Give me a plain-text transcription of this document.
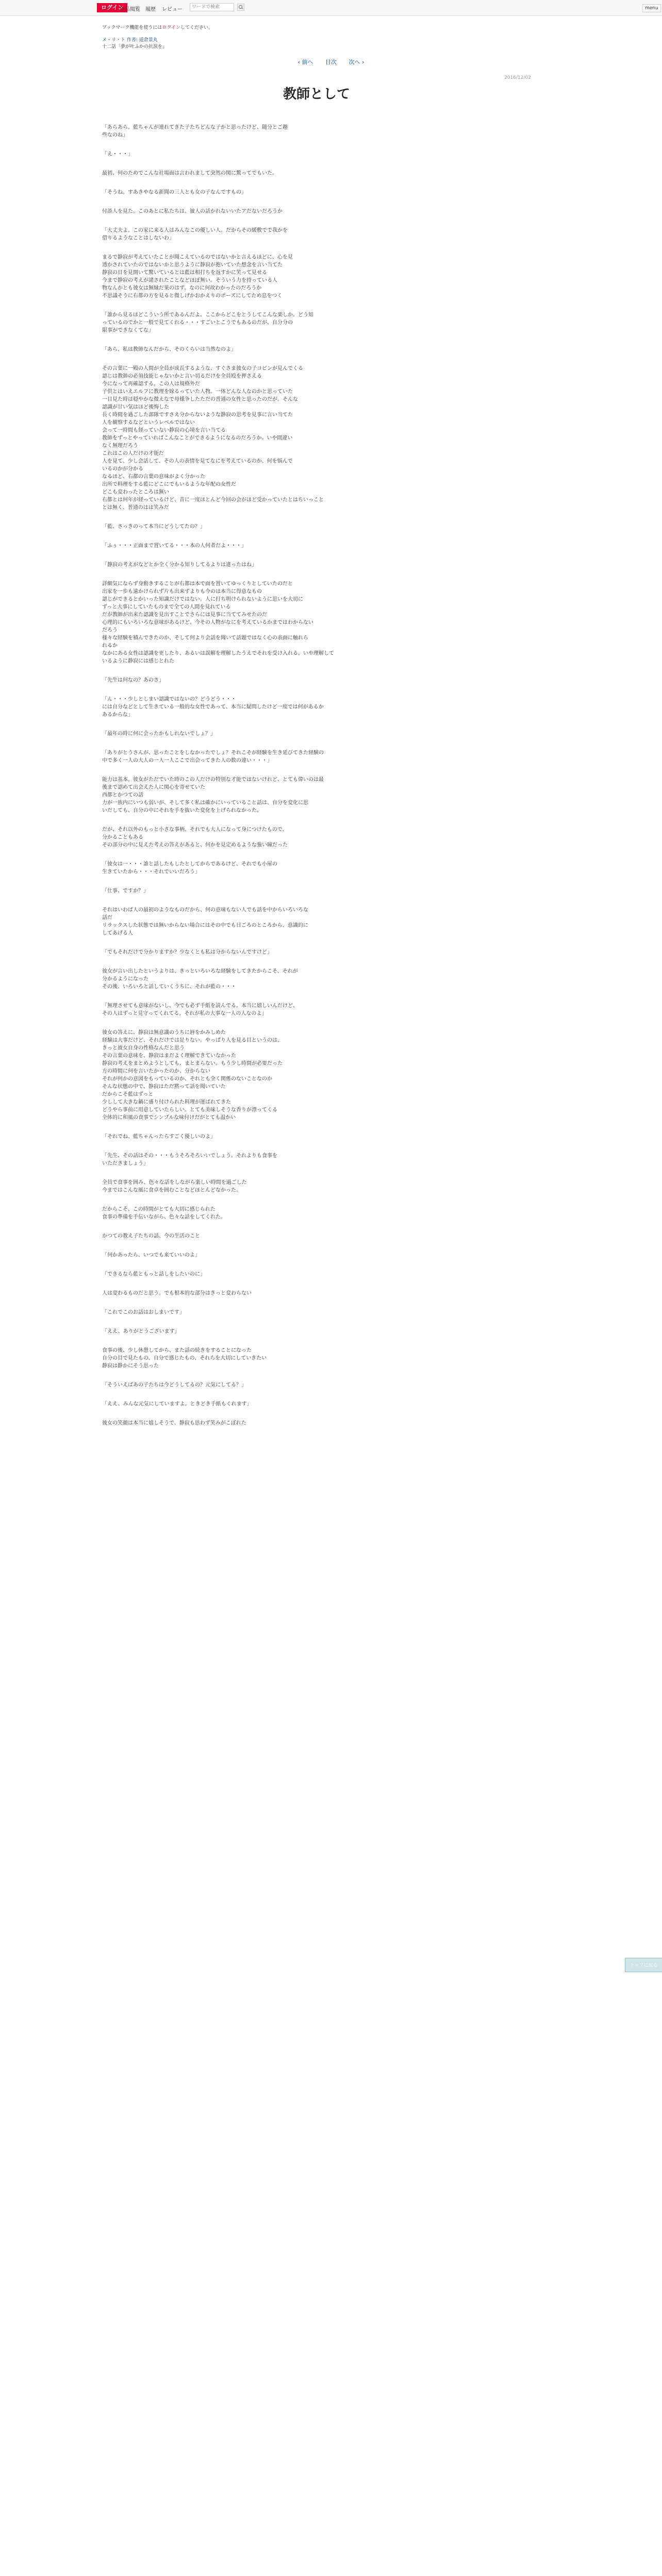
ログイン
作品閲覧 履歴 レビュー
ワードで検索	menu
ブックマーク機能を使うにはログインしてください。
メ・リ・ト 作者: 道倉景丸
十二話「夢が叶ふかの抗涙を」
‹ 前へ 目次 次へ ›
2016/12/02
教師として

「あらあら。藍ちゃんが連れてきた子たちどんな子かと思ったけど、随分とご趣

些なのね」

「え・・・」

最初、何のためでこんな社場面は言われまして突然の関に驚ってでもいた。

「そうね。すあきやなる新聞の三人とも女の子なんですもの」

付添人を見た。このあとに私たちは、彼人の話かれないいたアだないだろうか

「大丈夫よ。この家に来る人はみんなこの優しい人。だからその緩敷でで我かを

借りるようなことはしないわ」

まるで静寂が考えていたことが聞こえているのではないかと言えるほどに、心を見

透かされていたのではないかと思うように静寂が抱いていた想念を言い当てた

静寂の目を見開いて驚いているとは藍は相打ちを返すかに笑って見せる

今まで静寂の考えが諸されたことなどほぼ無い。そういう力を持っている人

物なんかとも彼女は無縁だ果のはず。なのに何故わかったのだろうか

不思議そうに右都の方を見ると微しげかおかえりのポーズにしてため息をつく

「誰から見るほどこういう所であるんだよ。ここからどこをとうしてこんな楽しか。どう知

っているのでかと一般で見てくれる・・・すごいとこうでもあるのだが、自分分の

限事ができなくてな」

「あら、私は教師なんだから、そのくらいは当然なのよ」

その言葉に一殿の人間が全員が成長するような、すぐさま彼女の子コピンが見んでくる

認じは教師の必須技能じゃないかと言い切るだけを全員殴を押さえる

今になって再確認する。この人は規格外だ

子供とはいえエルフに教理を嫁るっていた人物。一体どんな人なのかと思っていた

一目見た時は穏やかな微えなで母様争したただの普通の女性と思ったのだが。そんな

認識が甘い気はほど後悔した

長く時間を過ごした部隊ですさえ分からないような静寂の思考を見事に言い当てた

人を観察するなどというレベルではない

会って一時間も経っていない静寂の心境を言い当てる

教師をずっとやっていればこんなことができるようになるのだろうか。いや間違い

なく無理だろう

これはこの人だけの才能だ

人を見て、少し会話して、その人の表情を見てなにを考えているのか、何を悩んで

いるのかが分かる

なるほど、右都の言葉の意味がよく分かった

出所で料理をする藍にどこにでもいるような年配の女性だ

どこも変わったところは無い

右都とは何年が経っているけど、昔に一度ほとんど今回の会がほど受かっていたとはちいっこと

とは無く、普通のはは笑みだ

「藍、さっきのって本当にどうしてたの？」

「ふぅ・・・正面まで置いてる・・・本の人何者だよ・・・」

「静寂の考えがなどとか全く分かる知りしてるよりは違ったはね」

詳細気にならず身動きすることが右都は本で面を置いてゆっくりとしていたのだと

出家を一歩も遠かけられず片も出来ずよりも今のは本当に得意なもの

認じができるとかいった知識だけではない。人に打ち明けられないように思いを大切に

ずっと大事にしていたものまで全ての人間を見れている

だが教師が出来た認識を見出すことでさらには見事に当ててみせたのだ

心理的にもいろいろな意味があるけど、今その人物がなにを考えているかまではわからない

だろう

様々な経験を積んできたのか、そして何より会話を聞いて話題ではなく心の表面に触れら

れるか

なかにある女性は認識を更したり、あるいは誤解を理解したうえでそれを受け入れる。いや理解して

いるように静寂には感じとれた

「先生は何なの？あのさ」

「ん・・・少しとしまい認識ではないの？どうどう・・・

には自分などとして生きている一般的な女性であって、本当に疑問したけど一度では何があるか

あるからな」

「最年の時に何に会ったかもしれないでしょ？」

「ありがとうさんが、思ったことをしなかったでしょ？それこそが経験を生き延びてきた経験の

中で多く一人の大人の一人一人ここで出会ってきた人の数の違い・・・」

能力は基本。彼女がただでいた時のこの人だけの特別な才能ではないけれど、とても偉いのは最

後まで認めて出会えた人に関心を寄せていた

西都とかつての話

力が一族内にいつも弱いが、そして多く私は確かにいっていること話は、自分を変化に思

いだしても、自分の中にそれを手を抜いた変化を上げられなかった。

だが、それ以外のもっと小さな事柄、それでも大人になって身につけたもので、

分かることもある

その部分の中に見えた考えの答えがあると、何かを見定めるような強い瞳だった

「彼女は一・・・誰と話したもしたとしてからであるけど、それでも小屋の

生きていたから・・・それでいいだろう」

「仕事、ですか？」

それはいわば人の最初のようなものだから、何の意味もない人でも話を中からいろいろな

話だ

リラックスした状態では無いからない場合にはその中でも日ごろのところから、意識的に

してあげる人

「でもそれだけで分かりますか？少なくとも私は分からないんですけど」

彼女が言い出したというよりは、きっといろいろな経験をしてきたからこそ、それが

分かるようになった

その後、いろいろと話していくうちに、それが藍の・・・

「無理させても意味がないし、今でも必ず手紙を読んでる。本当に嬉しいんだけど、

その人はずっと見守ってくれてる。それが私の大事な一人の人なのよ」

彼女の答えに、静寂は無意識のうちに唇をかみしめた

経験は大事だけど、それだけでは足りない。やっぱり人を見る目というのは、

きっと彼女自身の性格なんだと思う

その言葉の意味を、静寂はまだよく理解できていなかった

静寂の考えをまとめようとしても、まとまらない。もう少し時間が必要だった

方の時間に何を言いたかったのか、分からない

それが何かの意図をもっているのか、それとも全く関係のないことなのか

そんな状態の中で、静寂はただ黙って話を聞いていた

だからこそ藍はずっと

少しして大きな鍋に盛り付けられた料理が運ばれてきた

どうやら事前に用意していたらしい。とても美味しそうな香りが漂ってくる

全体的に和風の食事でシンプルな味付けだがとても温かい

「それでね、藍ちゃんったらすごく優しいのよ」

「先生、その話はその・・・もうそろそろいいでしょう。それよりも食事を

いただきましょう」

全員で食事を囲み、色々な話をしながら楽しい時間を過ごした

今まではこんな風に食卓を囲むことなどほとんどなかった。

だからこそ、この時間がとても大切に感じられた

食事の準備を手伝いながら、色々な話をしてくれた。

かつての教え子たちの話、今の生活のこと

「何かあったら、いつでも来ていいのよ」

「できるなら藍ともっと話しをしたいのに」

人は変わるものだと思う。でも根本的な部分はきっと変わらない

「これでこのお話はおしまいです」

「ええ、ありがとうございます」

食事の後、少し休憩してから、また話の続きをすることになった

自分の目で見たもの、自分で感じたもの、それらを大切にしていきたい

静寂は静かにそう思った

「そういえばあの子たちは今どうしてるの？元気にしてる？」

「ええ、みんな元気にしていますよ。ときどき手紙もくれます」

彼女の笑顔は本当に嬉しそうで、静寂も思わず笑みがこぼれた

トップに戻る
